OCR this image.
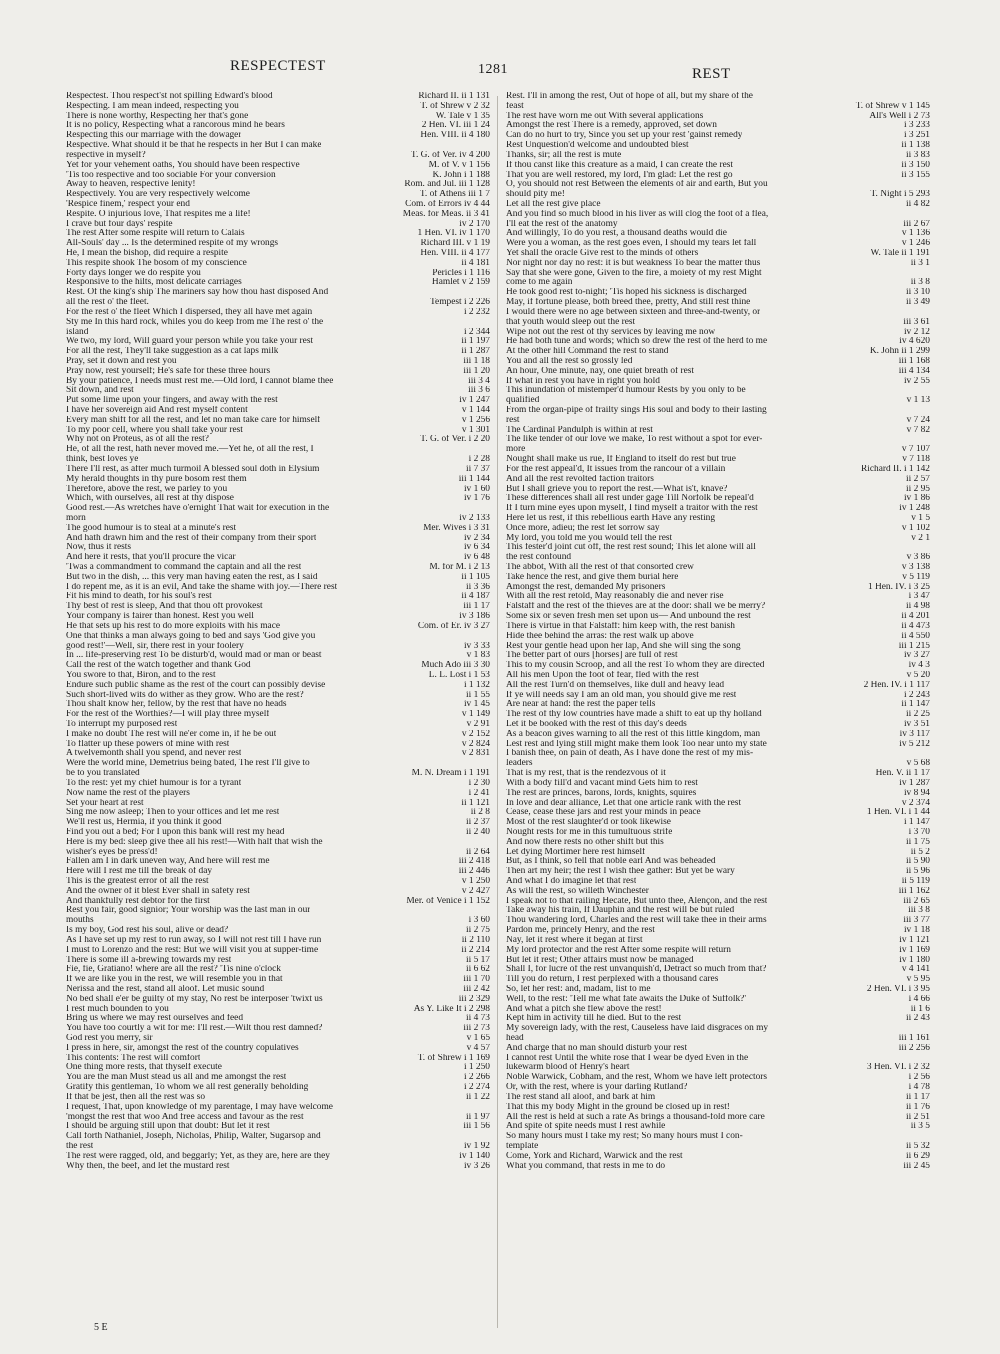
RESPECTEST	1281	REST
Respectest. Thou respect'st not spilling Edward's blood	Richard II. ii 1 131
Respecting. I am mean indeed, respecting you	T. of Shrew v 2 32
There is none worthy, Respecting her that's gone	W. Tale v 1 35
It is no policy, Respecting what a rancorous mind he bears	2 Hen. VI. iii 1 24
Respecting this our marriage with the dowager	Hen. VIII. ii 4 180
Respective. What should it be that he respects in her But I can make
respective in myself?	T. G. of Ver. iv 4 200
Yet for your vehement oaths, You should have been respective	M. of V. v 1 156
'Tis too respective and too sociable For your conversion	K. John i 1 188
Away to heaven, respective lenity!	Rom. and Jul. iii 1 128
Respectively. You are very respectively welcome	T. of Athens iii 1 7
'Respice finem,' respect your end	Com. of Errors iv 4 44
Respite. O injurious love, That respites me a life!	Meas. for Meas. ii 3 41
I crave but four days' respite	iv 2 170
The rest After some respite will return to Calais	1 Hen. VI. iv 1 170
All-Souls' day ... Is the determined respite of my wrongs	Richard III. v 1 19
He, I mean the bishop, did require a respite	Hen. VIII. ii 4 177
This respite shook The bosom of my conscience	ii 4 181
Forty days longer we do respite you	Pericles i 1 116
Responsive to the hilts, most delicate carriages	Hamlet v 2 159
Rest. Of the king's ship The mariners say how thou hast disposed And
all the rest o' the fleet.	Tempest i 2 226
For the rest o' the fleet Which I dispersed, they all have met again	i 2 232
Sty me In this hard rock, whiles you do keep from me The rest o' the
island	i 2 344
We two, my lord, Will guard your person while you take your rest	ii 1 197
For all the rest, They'll take suggestion as a cat laps milk	ii 1 287
Pray, set it down and rest you	iii 1 18
Pray now, rest yourself; He's safe for these three hours	iii 1 20
By your patience, I needs must rest me.—Old lord, I cannot blame thee	iii 3 4
Sit down, and rest	iii 3 6
Put some lime upon your fingers, and away with the rest	iv 1 247
I have her sovereign aid And rest myself content	v 1 144
Every man shift for all the rest, and let no man take care for himself	v 1 256
To my poor cell, where you shall take your rest	v 1 301
Why not on Proteus, as of all the rest?	T. G. of Ver. i 2 20
He, of all the rest, hath never moved me.—Yet he, of all the rest, I
think, best loves ye	i 2 28
There I'll rest, as after much turmoil A blessed soul doth in Elysium	ii 7 37
My herald thoughts in thy pure bosom rest them	iii 1 144
Therefore, above the rest, we parley to you	iv 1 60
Which, with ourselves, all rest at thy dispose	iv 1 76
Good rest.—As wretches have o'ernight That wait for execution in the
morn	iv 2 133
The good humour is to steal at a minute's rest	Mer. Wives i 3 31
And hath drawn him and the rest of their company from their sport	iv 2 34
Now, thus it rests	iv 6 34
And here it rests, that you'll procure the vicar	iv 6 48
'Twas a commandment to command the captain and all the rest	M. for M. i 2 13
But two in the dish, ... this very man having eaten the rest, as I said	ii 1 105
I do repent me, as it is an evil, And take the shame with joy.—There rest	ii 3 36
Fit his mind to death, for his soul's rest	ii 4 187
Thy best of rest is sleep, And that thou oft provokest	iii 1 17
Your company is fairer than honest. Rest you well	iv 3 186
He that sets up his rest to do more exploits with his mace	Com. of Er. iv 3 27
One that thinks a man always going to bed and says 'God give you
good rest!'—Well, sir, there rest in your foolery	iv 3 33
In ... life-preserving rest To be disturb'd, would mad or man or beast	v 1 83
Call the rest of the watch together and thank God	Much Ado iii 3 30
You swore to that, Biron, and to the rest	L. L. Lost i 1 53
Endure such public shame as the rest of the court can possibly devise	i 1 132
Such short-lived wits do wither as they grow. Who are the rest?	ii 1 55
Thou shalt know her, fellow, by the rest that have no heads	iv 1 45
For the rest of the Worthies?—I will play three myself	v 1 149
To interrupt my purposed rest	v 2 91
I make no doubt The rest will ne'er come in, if he be out	v 2 152
To flatter up these powers of mine with rest	v 2 824
A twelvemonth shall you spend, and never rest	v 2 831
Were the world mine, Demetrius being bated, The rest I'll give to
be to you translated	M. N. Dream i 1 191
To the rest: yet my chief humour is for a tyrant	i 2 30
Now name the rest of the players	i 2 41
Set your heart at rest	ii 1 121
Sing me now asleep; Then to your offices and let me rest	ii 2 8
We'll rest us, Hermia, if you think it good	ii 2 37
Find you out a bed; For I upon this bank will rest my head	ii 2 40
Here is my bed: sleep give thee all his rest!—With half that wish the
wisher's eyes be press'd!	ii 2 64
Fallen am I in dark uneven way, And here will rest me	iii 2 418
Here will I rest me till the break of day	iii 2 446
This is the greatest error of all the rest	v 1 250
And the owner of it blest Ever shall in safety rest	v 2 427
And thankfully rest debtor for the first	Mer. of Venice i 1 152
Rest you fair, good signior; Your worship was the last man in our
mouths	i 3 60
Is my boy, God rest his soul, alive or dead?	ii 2 75
As I have set up my rest to run away, so I will not rest till I have run	ii 2 110
I must to Lorenzo and the rest: But we will visit you at supper-time	ii 2 214
There is some ill a-brewing towards my rest	ii 5 17
Fie, fie, Gratiano! where are all the rest? 'Tis nine o'clock	ii 6 62
If we are like you in the rest, we will resemble you in that	iii 1 70
Nerissa and the rest, stand all aloof. Let music sound	iii 2 42
No bed shall e'er be guilty of my stay, No rest be interposer 'twixt us	iii 2 329
I rest much bounden to you	As Y. Like It i 2 298
Bring us where we may rest ourselves and feed	ii 4 73
You have too courtly a wit for me: I'll rest.—Wilt thou rest damned?	iii 2 73
God rest you merry, sir	v 1 65
I press in here, sir, amongst the rest of the country copulatives	v 4 57
This contents: The rest will comfort	T. of Shrew i 1 169
One thing more rests, that thyself execute	i 1 250
You are the man Must stead us all and me amongst the rest	i 2 266
Gratify this gentleman, To whom we all rest generally beholding	i 2 274
If that be jest, then all the rest was so	ii 1 22
I request, That, upon knowledge of my parentage, I may have welcome
'mongst the rest that woo And free access and favour as the rest	ii 1 97
I should be arguing still upon that doubt: But let it rest	iii 1 56
Call forth Nathaniel, Joseph, Nicholas, Philip, Walter, Sugarsop and
the rest	iv 1 92
The rest were ragged, old, and beggarly; Yet, as they are, here are they	iv 1 140
Why then, the beef, and let the mustard rest	iv 3 26
Rest. I'll in among the rest, Out of hope of all, but my share of the
feast	T. of Shrew v 1 145
The rest have worn me out With several applications	All's Well i 2 73
Amongst the rest There is a remedy, approved, set down	i 3 233
Can do no hurt to try, Since you set up your rest 'gainst remedy	i 3 251
Rest Unquestion'd welcome and undoubted blest	ii 1 138
Thanks, sir; all the rest is mute	ii 3 83
If thou canst like this creature as a maid, I can create the rest	ii 3 150
That you are well restored, my lord, I'm glad: Let the rest go	ii 3 155
O, you should not rest Between the elements of air and earth, But you
should pity me!	T. Night i 5 293
Let all the rest give place	ii 4 82
And you find so much blood in his liver as will clog the foot of a flea,
I'll eat the rest of the anatomy	iii 2 67
And willingly, To do you rest, a thousand deaths would die	v 1 136
Were you a woman, as the rest goes even, I should my tears let fall	v 1 246
Yet shall the oracle Give rest to the minds of others	W. Tale ii 1 191
Nor night nor day no rest: it is but weakness To bear the matter thus	ii 3 1
Say that she were gone, Given to the fire, a moiety of my rest Might
come to me again	ii 3 8
He took good rest to-night; 'Tis hoped his sickness is discharged	ii 3 10
May, if fortune please, both breed thee, pretty, And still rest thine	ii 3 49
I would there were no age between sixteen and three-and-twenty, or
that youth would sleep out the rest	iii 3 61
Wipe not out the rest of thy services by leaving me now	iv 2 12
He had both tune and words; which so drew the rest of the herd to me	iv 4 620
At the other hill Command the rest to stand	K. John ii 1 299
You and all the rest so grossly led	iii 1 168
An hour, One minute, nay, one quiet breath of rest	iii 4 134
If what in rest you have in right you hold	iv 2 55
This inundation of mistemper'd humour Rests by you only to be
qualified	v 1 13
From the organ-pipe of frailty sings His soul and body to their lasting
rest	v 7 24
The Cardinal Pandulph is within at rest	v 7 82
The like tender of our love we make, To rest without a spot for ever-
more	v 7 107
Nought shall make us rue, If England to itself do rest but true	v 7 118
For the rest appeal'd, It issues from the rancour of a villain	Richard II. i 1 142
And all the rest revolted faction traitors	ii 2 57
But I shall grieve you to report the rest.—What is't, knave?	ii 2 95
These differences shall all rest under gage Till Norfolk be repeal'd	iv 1 86
If I turn mine eyes upon myself, I find myself a traitor with the rest	iv 1 248
Here let us rest, if this rebellious earth Have any resting	v 1 5
Once more, adieu; the rest let sorrow say	v 1 102
My lord, you told me you would tell the rest	v 2 1
This fester'd joint cut off, the rest rest sound; This let alone will all
the rest confound	v 3 86
The abbot, With all the rest of that consorted crew	v 3 138
Take hence the rest, and give them burial here	v 5 119
Amongst the rest, demanded My prisoners	1 Hen. IV. i 3 25
With all the rest retold, May reasonably die and never rise	i 3 47
Falstaff and the rest of the thieves are at the door: shall we be merry?	ii 4 98
Some six or seven fresh men set upon us— And unbound the rest	ii 4 201
There is virtue in that Falstaff: him keep with, the rest banish	ii 4 473
Hide thee behind the arras: the rest walk up above	ii 4 550
Rest your gentle head upon her lap, And she will sing the song	iii 1 215
The better part of ours [horses] are full of rest	iv 3 27
This to my cousin Scroop, and all the rest To whom they are directed	iv 4 3
All his men Upon the foot of fear, fled with the rest	v 5 20
All the rest Turn'd on themselves, like dull and heavy lead	2 Hen. IV. i 1 117
If ye will needs say I am an old man, you should give me rest	i 2 243
Are near at hand: the rest the paper tells	ii 1 147
The rest of thy low countries have made a shift to eat up thy holland	ii 2 25
Let it be booked with the rest of this day's deeds	iv 3 51
As a beacon gives warning to all the rest of this little kingdom, man	iv 3 117
Lest rest and lying still might make them look Too near unto my state	iv 5 212
I banish thee, on pain of death, As I have done the rest of my mis-
leaders	v 5 68
That is my rest, that is the rendezvous of it	Hen. V. ii 1 17
With a body fill'd and vacant mind Gets him to rest	iv 1 287
The rest are princes, barons, lords, knights, squires	iv 8 94
In love and dear alliance, Let that one article rank with the rest	v 2 374
Cease, cease these jars and rest your minds in peace	1 Hen. VI. i 1 44
Most of the rest slaughter'd or took likewise	i 1 147
Nought rests for me in this tumultuous strife	i 3 70
And now there rests no other shift but this	ii 1 75
Let dying Mortimer here rest himself	ii 5 2
But, as I think, so fell that noble earl And was beheaded	ii 5 90
Then art my heir; the rest I wish thee gather: But yet be wary	ii 5 96
And what I do imagine let that rest	ii 5 119
As will the rest, so willeth Winchester	iii 1 162
I speak not to that railing Hecate, But unto thee, Alençon, and the rest	iii 2 65
Take away his train, If Dauphin and the rest will be but ruled	iii 3 8
Thou wandering lord, Charles and the rest will take thee in their arms	iii 3 77
Pardon me, princely Henry, and the rest	iv 1 18
Nay, let it rest where it began at first	iv 1 121
My lord protector and the rest After some respite will return	iv 1 169
But let it rest; Other affairs must now be managed	iv 1 180
Shall I, for lucre of the rest unvanquish'd, Detract so much from that?	v 4 141
Till you do return, I rest perplexed with a thousand cares	v 5 95
So, let her rest: and, madam, list to me	2 Hen. VI. i 3 95
Well, to the rest: 'Tell me what fate awaits the Duke of Suffolk?'	i 4 66
And what a pitch she flew above the rest!	ii 1 6
Kept him in activity till he died. But to the rest	ii 2 43
My sovereign lady, with the rest, Causeless have laid disgraces on my
head	iii 1 161
And charge that no man should disturb your rest	iii 2 256
I cannot rest Until the white rose that I wear be dyed Even in the
lukewarm blood of Henry's heart	3 Hen. VI. i 2 32
Noble Warwick, Cobham, and the rest, Whom we have left protectors	i 2 56
Or, with the rest, where is your darling Rutland?	i 4 78
The rest stand all aloof, and bark at him	ii 1 17
That this my body Might in the ground be closed up in rest!	ii 1 76
All the rest is held at such a rate As brings a thousand-fold more care	ii 2 51
And spite of spite needs must I rest awhile	ii 3 5
So many hours must I take my rest; So many hours must I con-
template	ii 5 32
Come, York and Richard, Warwick and the rest	ii 6 29
What you command, that rests in me to do	iii 2 45
5 E
